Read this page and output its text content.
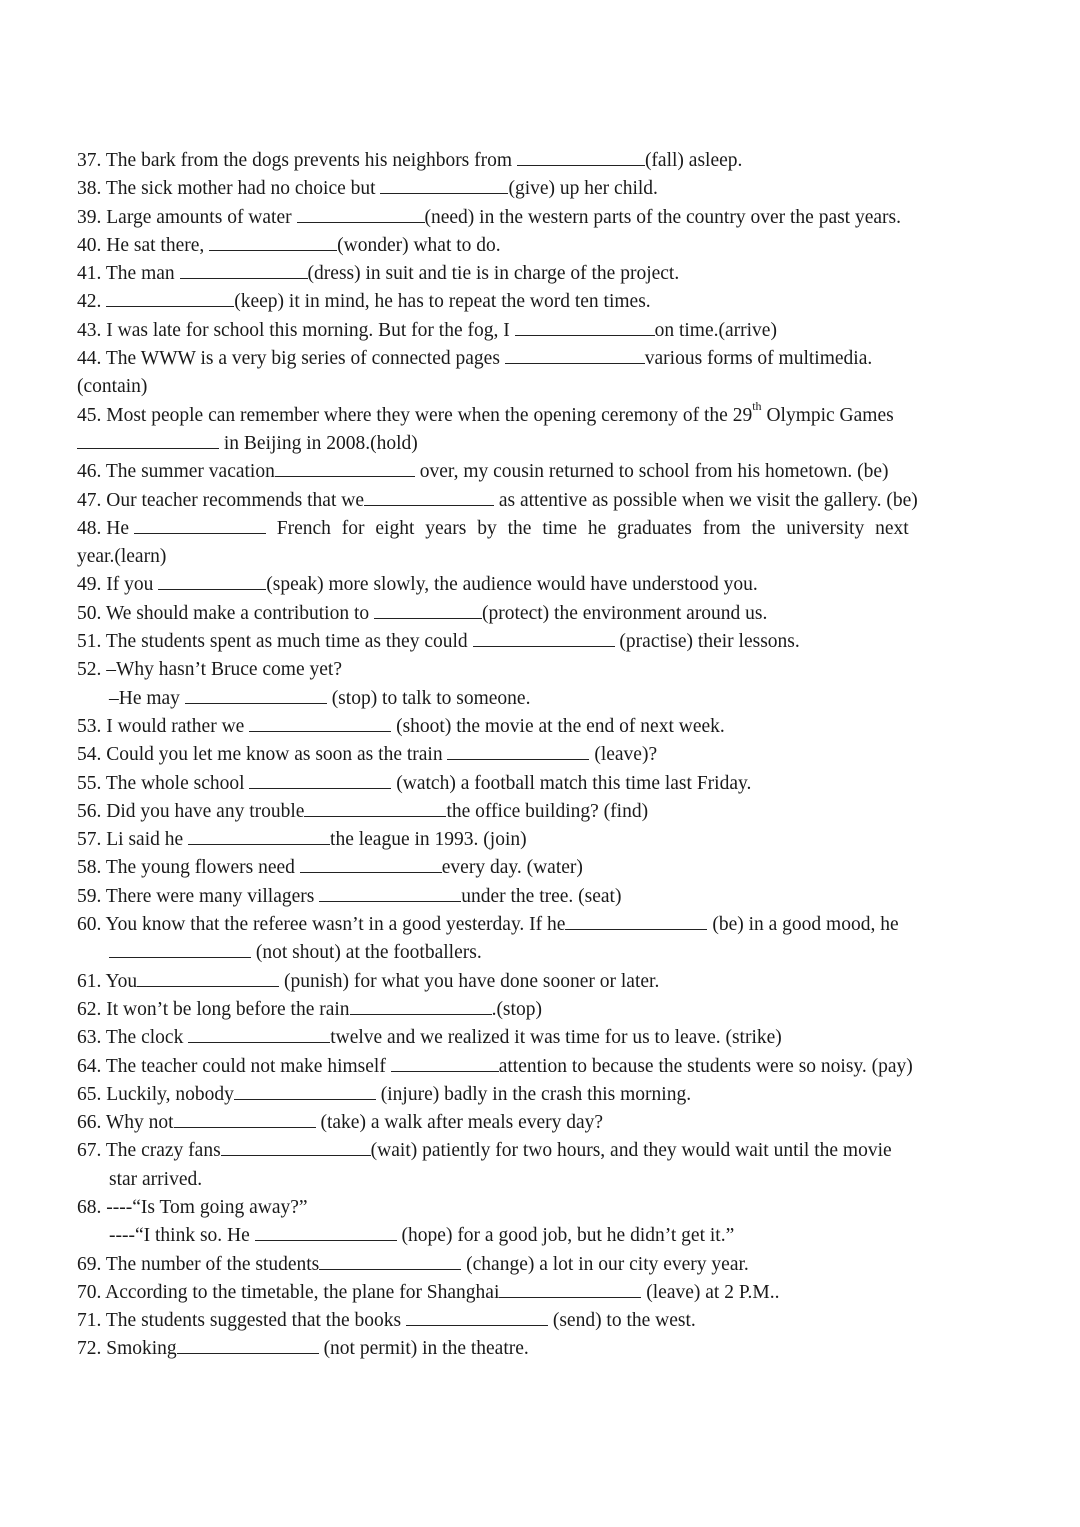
37. The bark from the dogs prevents his neighbors from	(fall) asleep.
38. The sick mother had no choice but	(give) up her child.
39. Large amounts of water	(need) in the western parts of the country over the past years.
40. He sat there,	(wonder) what to do.
41. The man	(dress) in suit and tie is in charge of the project.
42.	(keep) it in mind, he has to repeat the word ten times.
43. I was late for school this morning. But for the fog, I	on time.(arrive)
44. The WWW is a very big series of connected pages	various forms of multimedia.
(contain)
45. Most people can remember where they were when the opening ceremony of the 29th Olympic Games
in Beijing in 2008.(hold)
46. The summer vacation	over, my cousin returned to school from his hometown. (be)
47. Our teacher recommends that we	as attentive as possible when we visit the gallery. (be)
48. He	French for eight years by the time he graduates from the university next
year.(learn)
49. If you	(speak) more slowly, the audience would have understood you.
50. We should make a contribution to	(protect) the environment around us.
51. The students spent as much time as they could	(practise) their lessons.
52. –Why hasn’t Bruce come yet?
–He may	(stop) to talk to someone.
53. I would rather we	(shoot) the movie at the end of next week.
54. Could you let me know as soon as the train	(leave)?
55. The whole school	(watch) a football match this time last Friday.
56. Did you have any trouble	the office building? (find)
57. Li said he	the league in 1993. (join)
58. The young flowers need	every day. (water)
59. There were many villagers	under the tree. (seat)
60. You know that the referee wasn’t in a good yesterday. If he	(be) in a good mood, he
(not shout) at the footballers.
61. You	(punish) for what you have done sooner or later.
62. It won’t be long before the rain	.(stop)
63. The clock	twelve and we realized it was time for us to leave. (strike)
64. The teacher could not make himself	attention to because the students were so noisy. (pay)
65. Luckily, nobody	(injure) badly in the crash this morning.
66. Why not	(take) a walk after meals every day?
67. The crazy fans	(wait) patiently for two hours, and they would wait until the movie
star arrived.
68. ----“Is Tom going away?”
----“I think so. He	(hope) for a good job, but he didn’t get it.”
69. The number of the students	(change) a lot in our city every year.
70. According to the timetable, the plane for Shanghai	(leave) at 2 P.M..
71. The students suggested that the books	(send) to the west.
72. Smoking	(not permit) in the theatre.
